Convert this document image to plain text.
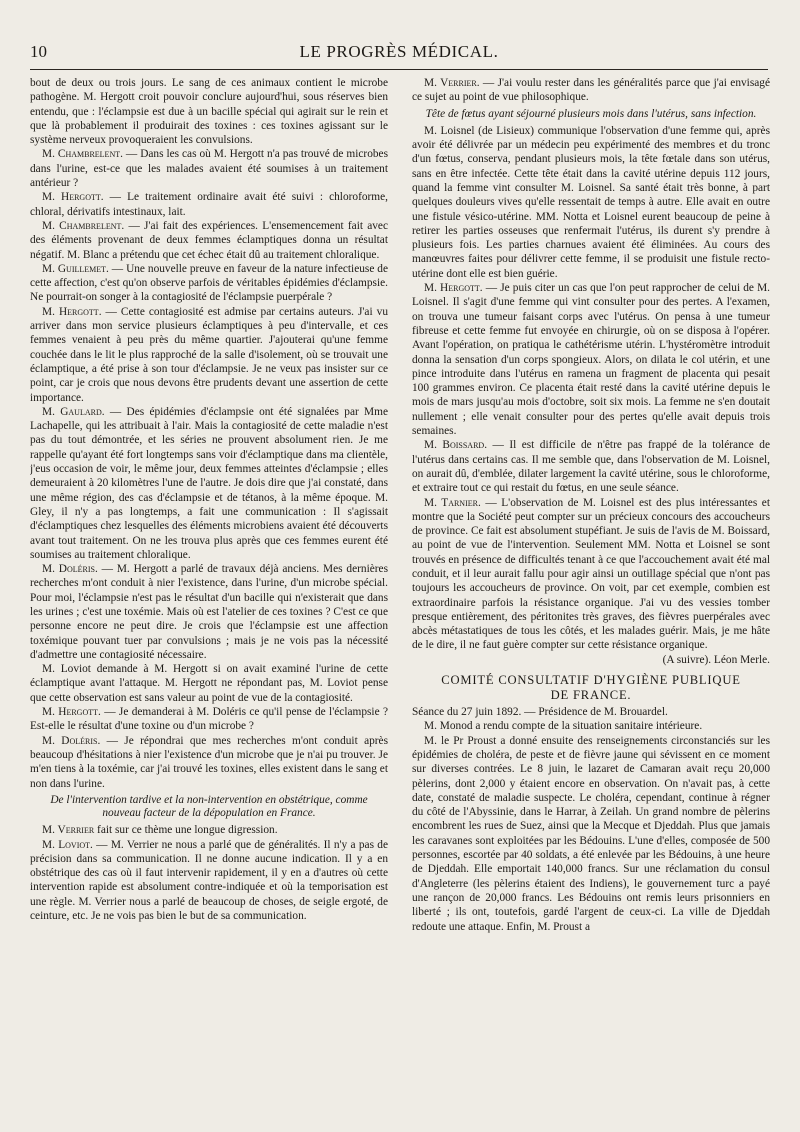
10	LE PROGRÈS MÉDICAL.

bout de deux ou trois jours. Le sang de ces animaux contient le microbe pathogène. M. Hergott croit pouvoir conclure aujourd'hui, sous réserves bien entendu, que : l'éclampsie est due à un bacille spécial qui agirait sur le rein et que là probablement il produirait des toxines : ces toxines agissant sur le système nerveux provoqueraient les convulsions.

M. Chambrelent. — Dans les cas où M. Hergott n'a pas trouvé de microbes dans l'urine, est-ce que les malades avaient été soumises à un traitement antérieur ?

M. Hergott. — Le traitement ordinaire avait été suivi : chloroforme, chloral, dérivatifs intestinaux, lait.

M. Chambrelent. — J'ai fait des expériences. L'ensemencement fait avec des éléments provenant de deux femmes éclamptiques donna un résultat négatif. M. Blanc a prétendu que cet échec était dû au traitement chloralique.

M. Guillemet. — Une nouvelle preuve en faveur de la nature infectieuse de cette affection, c'est qu'on observe parfois de véritables épidémies d'éclampsie. Ne pourrait-on songer à la contagiosité de l'éclampsie puerpérale ?

M. Hergott. — Cette contagiosité est admise par certains auteurs. J'ai vu arriver dans mon service plusieurs éclamptiques à peu d'intervalle, et ces femmes venaient à peu près du même quartier. J'ajouterai qu'une femme couchée dans le lit le plus rapproché de la salle d'isolement, où se trouvait une éclamptique, a été prise à son tour d'éclampsie. Je ne veux pas insister sur ce point, car je crois que nous devons être prudents devant une assertion de cette importance.

M. Gaulard. — Des épidémies d'éclampsie ont été signalées par Mme Lachapelle, qui les attribuait à l'air. Mais la contagiosité de cette maladie n'est pas du tout démontrée, et les séries ne prouvent absolument rien. Je me rappelle qu'ayant été fort longtemps sans voir d'éclamptique dans ma clientèle, j'eus occasion de voir, le même jour, deux femmes atteintes d'éclampsie ; elles demeuraient à 20 kilomètres l'une de l'autre. Je dois dire que j'ai constaté, dans une même région, des cas d'éclampsie et de tétanos, à la même époque. M. Gley, il n'y a pas longtemps, a fait une communication : Il s'agissait d'éclamptiques chez lesquelles des éléments microbiens avaient été découverts avant tout traitement. On ne les trouva plus après que ces femmes eurent été soumises au traitement chloralique.

M. Doléris. — M. Hergott a parlé de travaux déjà anciens. Mes dernières recherches m'ont conduit à nier l'existence, dans l'urine, d'un microbe spécial. Pour moi, l'éclampsie n'est pas le résultat d'un bacille qui n'existerait que dans les urines ; c'est une toxémie. Mais où est l'atelier de ces toxines ? C'est ce que personne encore ne peut dire. Je crois que l'éclampsie est une affection toxémique pouvant tuer par convulsions ; mais je ne vois pas la nécessité d'admettre une contagiosité nécessaire.

M. Loviot demande à M. Hergott si on avait examiné l'urine de cette éclamptique avant l'attaque. M. Hergott ne répondant pas, M. Loviot pense que cette observation est sans valeur au point de vue de la contagiosité.

M. Hergott. — Je demanderai à M. Doléris ce qu'il pense de l'éclampsie ? Est-elle le résultat d'une toxine ou d'un microbe ?

M. Doléris. — Je répondrai que mes recherches m'ont conduit après beaucoup d'hésitations à nier l'existence d'un microbe que je n'ai pu trouver. Je m'en tiens à la toxémie, car j'ai trouvé les toxines, elles existent dans le sang et non dans l'urine.

De l'intervention tardive et la non-intervention en obstétrique, comme nouveau facteur de la dépopulation en France.

M. Verrier fait sur ce thème une longue digression.

M. Loviot. — M. Verrier ne nous a parlé que de généralités. Il n'y a pas de précision dans sa communication. Il ne donne aucune indication. Il y a en obstétrique des cas où il faut intervenir rapidement, il y en a d'autres où cette intervention rapide est absolument contre-indiquée et où la temporisation est une règle. M. Verrier nous a parlé de beaucoup de choses, de seigle ergoté, de ceinture, etc. Je ne vois pas bien le but de sa communication.

M. Verrier. — J'ai voulu rester dans les généralités parce que j'ai envisagé ce sujet au point de vue philosophique.

Tête de fœtus ayant séjourné plusieurs mois dans l'utérus, sans infection.

M. Loisnel (de Lisieux) communique l'observation d'une femme qui, après avoir été délivrée par un médecin peu expérimenté des membres et du tronc d'un fœtus, conserva, pendant plusieurs mois, la tête fœtale dans son utérus, sans en être infectée. Cette tête était dans la cavité utérine depuis 112 jours, quand la femme vint consulter M. Loisnel. Sa santé était très bonne, à part quelques douleurs vives qu'elle ressentait de temps à autre. Elle avait en outre une fistule vésico-utérine. MM. Notta et Loisnel eurent beaucoup de peine à retirer les parties osseuses que renfermait l'utérus, ils durent s'y prendre à plusieurs fois. Les parties charnues avaient été éliminées. Au cours des manœuvres faites pour délivrer cette femme, il se produisit une fistule recto-utérine dont elle est bien guérie.

M. Hergott. — Je puis citer un cas que l'on peut rapprocher de celui de M. Loisnel. Il s'agit d'une femme qui vint consulter pour des pertes. A l'examen, on trouva une tumeur faisant corps avec l'utérus. On pensa à une tumeur fibreuse et cette femme fut envoyée en chirurgie, où on se disposa à l'opérer. Avant l'opération, on pratiqua le cathétérisme utérin. L'hystéromètre introduit donna la sensation d'un corps spongieux. Alors, on dilata le col utérin, et une pince introduite dans l'utérus en ramena un fragment de placenta qui pesait 100 grammes environ. Ce placenta était resté dans la cavité utérine depuis le mois de mars jusqu'au mois d'octobre, soit six mois. La femme ne s'en doutait nullement ; elle venait consulter pour des pertes qu'elle avait depuis trois semaines.

M. Boissard. — Il est difficile de n'être pas frappé de la tolérance de l'utérus dans certains cas. Il me semble que, dans l'observation de M. Loisnel, on aurait dû, d'emblée, dilater largement la cavité utérine, sous le chloroforme, et extraire tout ce qui restait du fœtus, en une seule séance.

M. Tarnier. — L'observation de M. Loisnel est des plus intéressantes et montre que la Société peut compter sur un précieux concours des accoucheurs de province. Ce fait est absolument stupéfiant. Je suis de l'avis de M. Boissard, au point de vue de l'intervention. Seulement MM. Notta et Loisnel se sont trouvés en présence de difficultés tenant à ce que l'accouchement avait été mal conduit, et il leur aurait fallu pour agir ainsi un outillage spécial que n'ont pas toujours les accoucheurs de province. On voit, par cet exemple, combien est extraordinaire parfois la résistance organique. J'ai vu des vessies tomber presque entièrement, des péritonites très graves, des fièvres puerpérales avec abcès métastatiques de tous les côtés, et les malades guérir. Mais, je me hâte de le dire, il ne faut guère compter sur cette résistance organique.

(A suivre). Léon Merle.

COMITÉ CONSULTATIF D'HYGIÈNE PUBLIQUE

DE FRANCE.

Séance du 27 juin 1892. — Présidence de M. Brouardel.

M. Monod a rendu compte de la situation sanitaire intérieure.

M. le Pr Proust a donné ensuite des renseignements circonstanciés sur les épidémies de choléra, de peste et de fièvre jaune qui sévissent en ce moment sur diverses contrées. Le 8 juin, le lazaret de Camaran avait reçu 20,000 pèlerins, dont 2,000 y étaient encore en observation. On n'avait pas, à cette date, constaté de maladie suspecte. Le choléra, cependant, continue à régner du côté de l'Abyssinie, dans le Harrar, à Zeilah. Un grand nombre de pèlerins encombrent les rues de Suez, ainsi que la Mecque et Djeddah. Plus que jamais les caravanes sont exploitées par les Bédouins. L'une d'elles, composée de 500 personnes, escortée par 40 soldats, a été enlevée par les Bédouins, à une heure de Djeddah. Elle emportait 140,000 francs. Sur une réclamation du consul d'Angleterre (les pèlerins étaient des Indiens), le gouvernement turc a payé une rançon de 20,000 francs. Les Bédouins ont remis leurs prisonniers en liberté ; ils ont, toutefois, gardé l'argent de ceux-ci. La ville de Djeddah redoute une attaque. Enfin, M. Proust a
